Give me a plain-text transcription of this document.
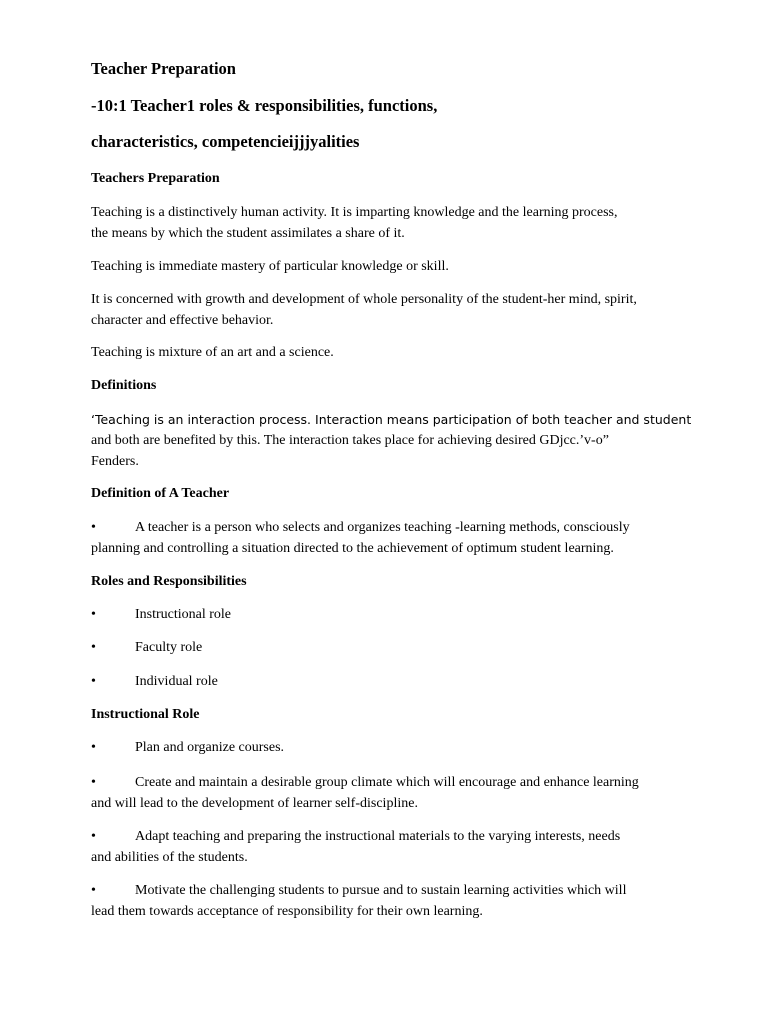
Teacher Preparation
-10:1 Teacher1 roles & responsibilities, functions,
characteristics, competencieijjjyalities
Teachers Preparation
Teaching is a distinctively human activity. It is imparting knowledge and the learning process,
the means by which the student assimilates a share of it.
Teaching is immediate mastery of particular knowledge or skill.
It is concerned with growth and development of whole personality of the student-her mind, spirit,
character and effective behavior.
Teaching is mixture of an art and a science.
Definitions
‘Teaching is an interaction process. Interaction means participation of both teacher and student
and both are benefited by this. The interaction takes place for achieving desired GDjcc.’v-o”
Fenders.
Definition of A Teacher
•	A teacher is a person who selects and organizes teaching -learning methods, consciously
planning and controlling a situation directed to the achievement of optimum student learning.
Roles and Responsibilities
•	Instructional role
•	Faculty role
•	Individual role
Instructional Role
•	Plan and organize courses.
•	Create and maintain a desirable group climate which will encourage and enhance learning
and will lead to the development of learner self-discipline.
•	Adapt teaching and preparing the instructional materials to the varying interests, needs
and abilities of the students.
•	Motivate the challenging students to pursue and to sustain learning activities which will
lead them towards acceptance of responsibility for their own learning.
